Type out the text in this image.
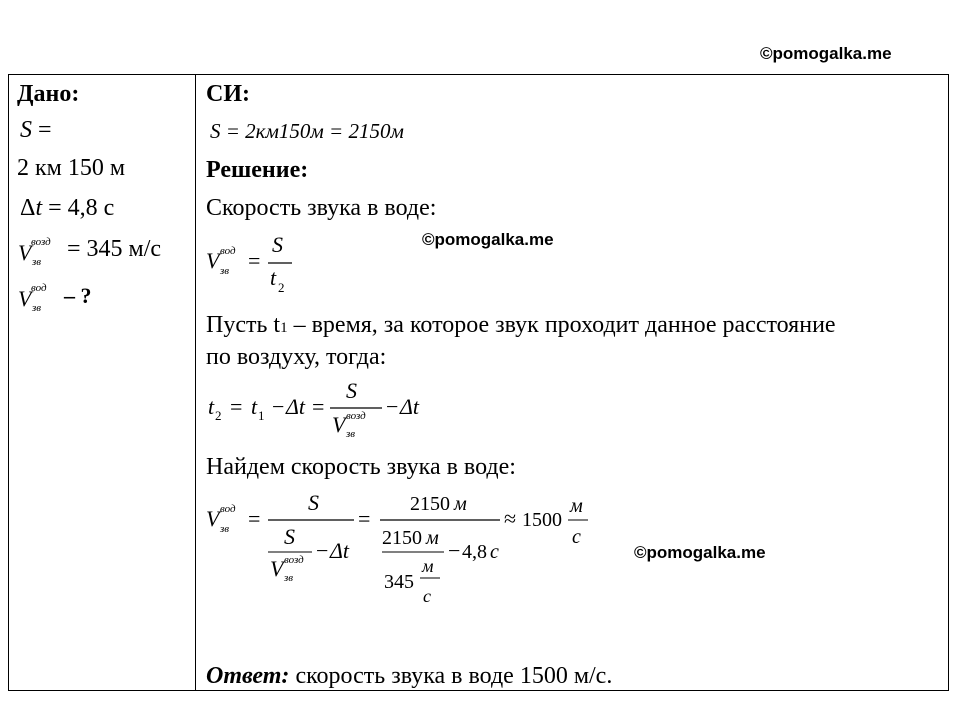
©pomogalka.me
©pomogalka.me
©pomogalka.me
Дано:
S =
2 км 150 м
Δt = 4,8 с
V возд
зв = 345 м/с
V вод
зв – ?
СИ:
S = 2км150м = 2150м
Решение:
Скорость звука в воде:
V вод
зв =
S
t 2
Пусть t1 – время, за которое звук проходит данное расстояние
по воздуху, тогда:
t 2 = t 1 − Δt =
S
V возд
зв
− Δt
Найдем скорость звука в воде:
V вод
зв =
S
S
V возд
зв
− Δt
=
2150 м
2150 м
345
м
с
− 4,8 с
≈ 1500
м
с
Ответ: скорость звука в воде 1500 м/с.
